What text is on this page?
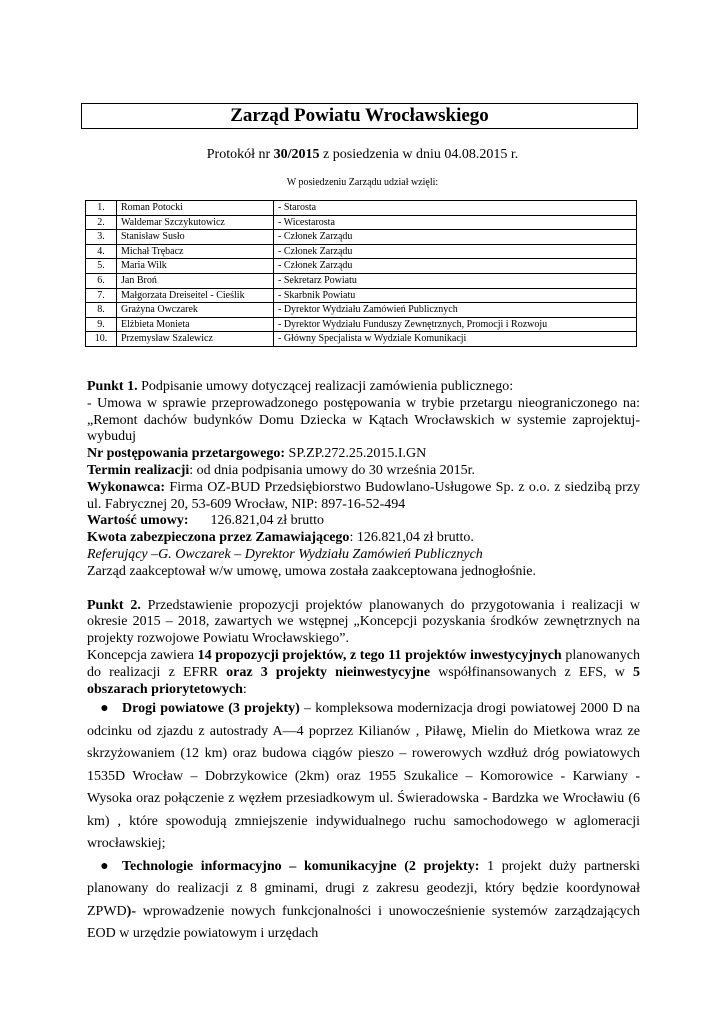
Zarząd Powiatu Wrocławskiego
Protokół nr 30/2015 z posiedzenia w dniu 04.08.2015 r.
W posiedzeniu Zarządu udział wzięli:
1.	Roman Potocki	- Starosta
2.	Waldemar Szczykutowicz	- Wicestarosta
3.	Stanisław Susło	- Członek Zarządu
4.	Michał Trębacz	- Członek Zarządu
5.	Maria Wilk	- Członek Zarządu
6.	Jan Broń	- Sekretarz Powiatu
7.	Małgorzata Dreiseitel - Cieślik	- Skarbnik Powiatu
8.	Grażyna Owczarek	- Dyrektor Wydziału Zamówień Publicznych
9.	Elżbieta Monieta	- Dyrektor Wydziału Funduszy Zewnętrznych, Promocji i Rozwoju
10.	Przemysław Szalewicz	- Główny Specjalista w Wydziale Komunikacji

Punkt 1. Podpisanie umowy dotyczącej realizacji zamówienia publicznego:

- Umowa w sprawie przeprowadzonego postępowania w trybie przetargu nieograniczonego na: „Remont dachów budynków Domu Dziecka w Kątach Wrocławskich w systemie zaprojektuj- wybuduj

Nr postępowania przetargowego: SP.ZP.272.25.2015.I.GN

Termin realizacji: od dnia podpisania umowy do 30 września 2015r.

Wykonawca: Firma OZ-BUD Przedsiębiorstwo Budowlano-Usługowe Sp. z o.o. z siedzibą przy ul. Fabrycznej 20, 53-609 Wrocław, NIP: 897-16-52-494

Wartość umowy: 126.821,04 zł brutto

Kwota zabezpieczona przez Zamawiającego: 126.821,04 zł brutto.

Referujący –G. Owczarek – Dyrektor Wydziału Zamówień Publicznych

Zarząd zaakceptował w/w umowę, umowa została zaakceptowana jednogłośnie.

Punkt 2. Przedstawienie propozycji projektów planowanych do przygotowania i realizacji w okresie 2015 – 2018, zawartych we wstępnej „Koncepcji pozyskania środków zewnętrznych na projekty rozwojowe Powiatu Wrocławskiego”.

Koncepcja zawiera 14 propozycji projektów, z tego 11 projektów inwestycyjnych planowanych do realizacji z EFRR oraz 3 projekty nieinwestycyjne współfinansowanych z EFS, w 5 obszarach priorytetowych:

● Drogi powiatowe (3 projekty) – kompleksowa modernizacja drogi powiatowej 2000 D na odcinku od zjazdu z autostrady A—4 poprzez Kilianów , Piławę, Mielin do Mietkowa wraz ze skrzyżowaniem (12 km) oraz budowa ciągów pieszo – rowerowych wzdłuż dróg powiatowych 1535D Wrocław – Dobrzykowice (2km) oraz 1955 Szukalice – Komorowice - Karwiany - Wysoka oraz połączenie z węzłem przesiadkowym ul. Świeradowska - Bardzka we Wrocławiu (6 km) , które spowodują zmniejszenie indywidualnego ruchu samochodowego w aglomeracji wrocławskiej;
● Technologie informacyjno – komunikacyjne (2 projekty: 1 projekt duży partnerski planowany do realizacji z 8 gminami, drugi z zakresu geodezji, który będzie koordynował ZPWD)- wprowadzenie nowych funkcjonalności i unowocześnienie systemów zarządzających EOD w urzędzie powiatowym i urzędach
